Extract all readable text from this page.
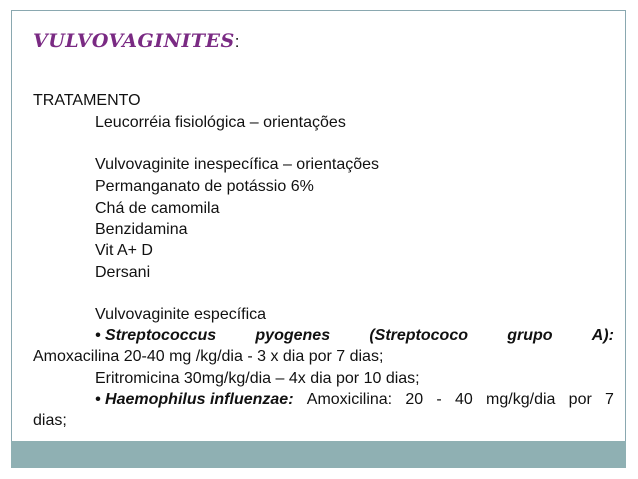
VULVOVAGINITES:
TRATAMENTO
Leucorréia fisiológica – orientações
Vulvovaginite inespecífica – orientações
Permanganato de potássio 6%
Chá de camomila
Benzidamina
Vit A+ D
Dersani
Vulvovaginite específica
• Streptococcus pyogenes (Streptococo grupo A):
Amoxacilina 20-40 mg /kg/dia - 3 x dia por 7 dias;
Eritromicina 30mg/kg/dia – 4x dia por 10 dias;
• Haemophilus influenzae: Amoxicilina: 20 - 40 mg/kg/dia por 7
dias;
